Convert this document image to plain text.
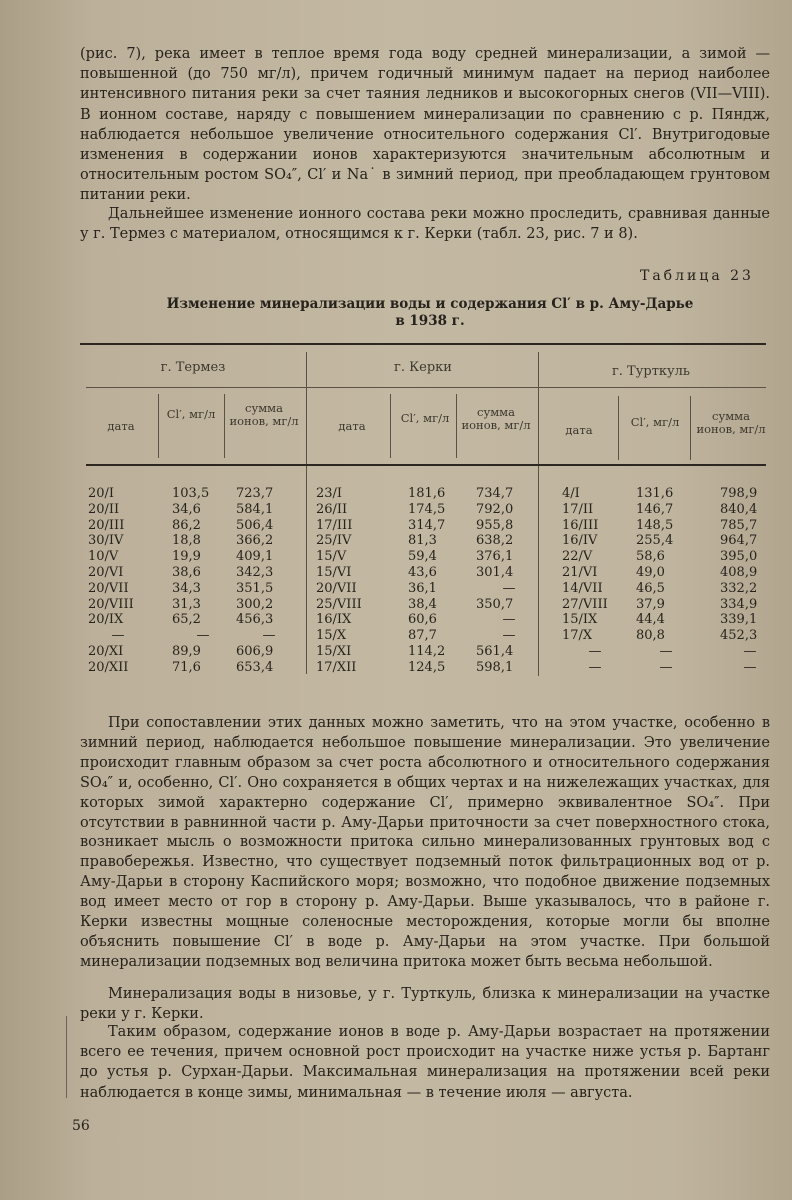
(рис. 7), река имеет в теплое время года воду средней минерализации, а зимой — повышенной (до 750 мг/л), причем годичный минимум падает на период наиболее интенсивного питания реки за счет таяния ледников и высокогорных снегов (VII—VIII). В ионном составе, наряду с повышением минерализации по сравнению с р. Пяндж, наблюдается небольшое увеличение относительного содержания Cl′. Внутригодовые изменения в содержании ионов характеризуются значительным абсолютным и относительным ростом SO₄″, Cl′ и Na˙ в зимний период, при преобладающем грунтовом питании реки.
Дальнейшее изменение ионного состава реки можно проследить, сравнивая данные у г. Термез с материалом, относящимся к г. Керки (табл. 23, рис. 7 и 8).
Таблица 23
Изменение минерализации воды и содержания Cl′ в р. Аму-Дарье
в 1938 г.
г. Термез	г. Керки	г. Турткуль
дата
Cl′, мг/л	сумма ионов, мг/л	дата
Cl′, мг/л	сумма ионов, мг/л	дата
Cl′, мг/л	сумма ионов, мг/л
20/I	103,5	723,7	23/I	181,6	734,7	4/I	131,6	798,9
20/II	34,6	584,1	26/II	174,5	792,0	17/II	146,7	840,4
20/III	86,2	506,4	17/III	314,7	955,8	16/III	148,5	785,7
30/IV	18,8	366,2	25/IV	81,3	638,2	16/IV	255,4	964,7
10/V	19,9	409,1	15/V	59,4	376,1	22/V	58,6	395,0
20/VI	38,6	342,3	15/VI	43,6	301,4	21/VI	49,0	408,9
20/VII	34,3	351,5	20/VII	36,1	—	14/VII	46,5	332,2
20/VIII	31,3	300,2	25/VIII	38,4	350,7	27/VIII	37,9	334,9
20/IX	65,2	456,3	16/IX	60,6	—	15/IX	44,4	339,1
—	—	—	15/X	87,7	—	17/X	80,8	452,3
20/XI	89,9	606,9	15/XI	114,2	561,4	—	—	—
20/XII	71,6	653,4	17/XII	124,5	598,1	—	—	—
При сопоставлении этих данных можно заметить, что на этом участке, особенно в зимний период, наблюдается небольшое повышение минерализации. Это увеличение происходит главным образом за счет роста абсолютного и относительного содержания SO₄″ и, особенно, Cl′. Оно сохраняется в общих чертах и на нижележащих участках, для которых зимой характерно содержание Cl′, примерно эквивалентное SO₄″. При отсутствии в равнинной части р. Аму-Дарьи приточности за счет поверхностного стока, возникает мысль о возможности притока сильно минерализованных грунтовых вод с правобережья. Известно, что существует подземный поток фильтрационных вод от р. Аму-Дарьи в сторону Каспийского моря; возможно, что подобное движение подземных вод имеет место от гор в сторону р. Аму-Дарьи. Выше указывалось, что в районе г. Керки известны мощные соленосные месторождения, которые могли бы вполне объяснить повышение Cl′ в воде р. Аму-Дарьи на этом участке. При большой минерализации подземных вод величина притока может быть весьма небольшой.
Минерализация воды в низовье, у г. Турткуль, близка к минерализации на участке реки у г. Керки.
Таким образом, содержание ионов в воде р. Аму-Дарьи возрастает на протяжении всего ее течения, причем основной рост происходит на участке ниже устья р. Бартанг до устья р. Сурхан-Дарьи. Максимальная минерализация на протяжении всей реки наблюдается в конце зимы, минимальная — в течение июля — августа.
56
